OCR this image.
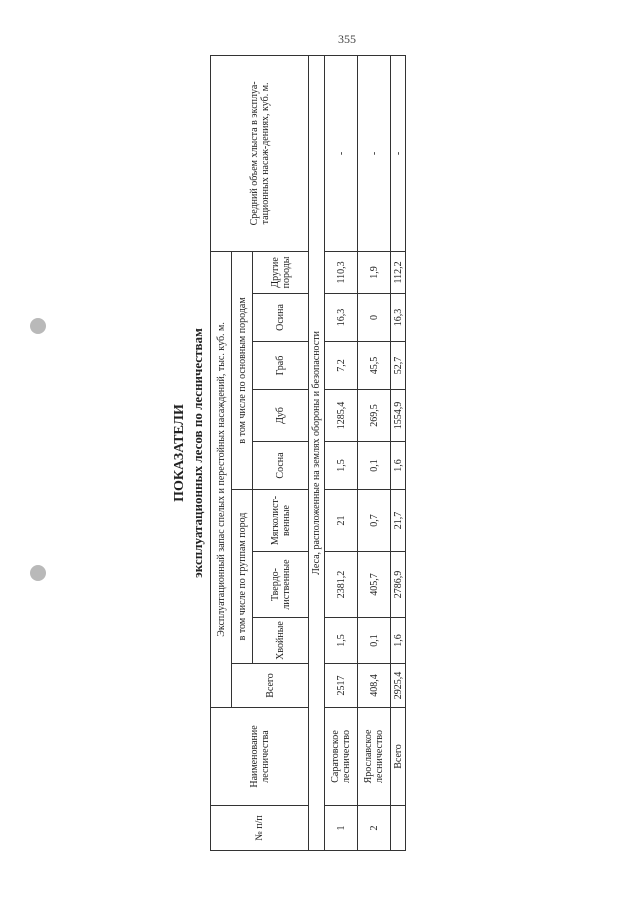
355
ПОКАЗАТЕЛИ эксплуатационных лесов по лесничествам
№ п/п	Наименование лесничества	Эксплуатационный запас спелых и перестойных насаждений, тыс. куб. м.									Средний объем хлыста в эксплуа-тационных насаж-дениях, куб. м.
		Всего	в том числе по группам пород			в том числе по основным породам					
						Сосна	Дуб	Граб	Осина	Другие породы	
			Хвойные	Твердо-лиственные	Мягколист-венные						
Леса, расположенные на землях обороны и безопасности											
1	Саратовское лесничество	2517	1,5	2381,2	21	1,5	1285,4	7,2	16,3	110,3	-
2	Ярославское лесничество	408,4	0,1	405,7	0,7	0,1	269,5	45,5	0	1,9	-
	Всего	2925,4	1,6	2786,9	21,7	1,6	1554,9	52,7	16,3	112,2	-
